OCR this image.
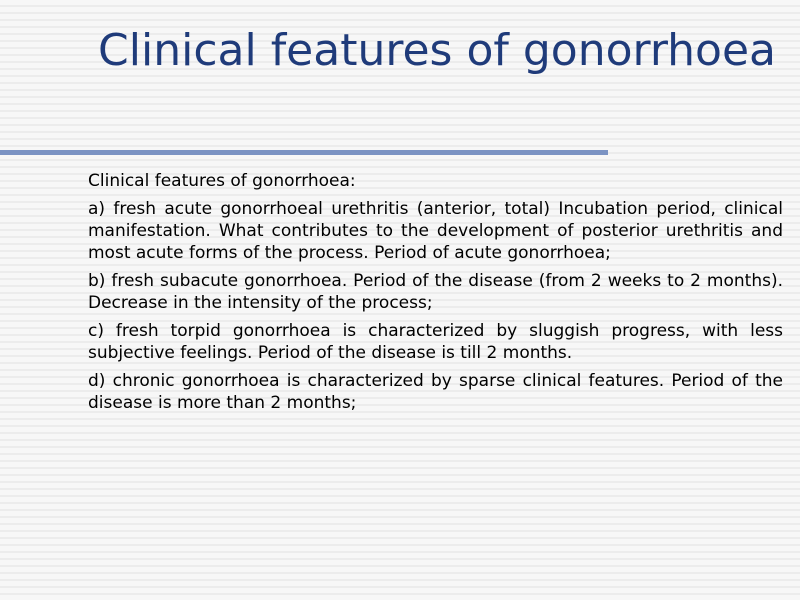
Clinical features of gonorrhoea

Clinical features of gonorrhoea:

a) fresh acute gonorrhoeal urethritis (anterior, total) Incubation period, clinical manifestation. What contributes to the development of posterior urethritis and most acute forms of the process. Period of acute gonorrhoea;

b) fresh subacute gonorrhoea. Period of the disease (from 2 weeks to 2 months). Decrease in the intensity of the process;

c) fresh torpid gonorrhoea is characterized by sluggish progress, with less subjective feelings. Period of the disease is till 2 months.

d) chronic gonorrhoea is characterized by sparse clinical features. Period of the disease is more than 2 months;
